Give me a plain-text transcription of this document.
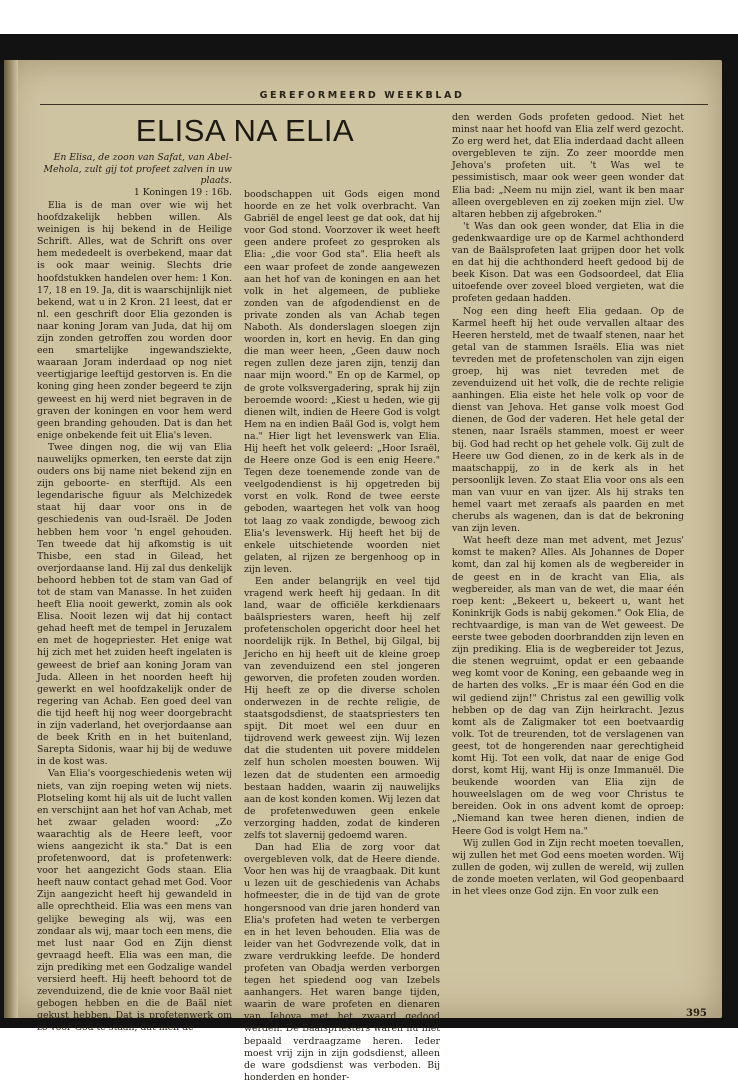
GEREFORMEERD WEEKBLAD
ELISA NA ELIA
En Elisa, de zoon van Safat, van Abel-Mehola, zult gij tot profeet zalven in uw plaats.
1 Koningen 19 : 16b.

Elia is de man over wie wij het hoofdzakelijk hebben willen. Als weinigen is hij bekend in de Heilige Schrift. Alles, wat de Schrift ons over hem mededeelt is overbekend, maar dat is ook maar weinig. Slechts drie hoofdstukken handelen over hem: 1 Kon. 17, 18 en 19. Ja, dit is waarschijnlijk niet bekend, wat u in 2 Kron. 21 leest, dat er nl. een geschrift door Elia gezonden is naar koning Joram van Juda, dat hij om zijn zonden getroffen zou worden door een smartelijke ingewandsziekte, waaraan Joram inderdaad op nog niet veertigjarige leeftijd gestorven is. En die koning ging heen zonder begeerd te zijn geweest en hij werd niet begraven in de graven der koningen en voor hem werd geen branding gehouden. Dat is dan het enige onbekende feit uit Elia's leven.

Twee dingen nog, die wij van Elia nauwelijks opmerken, ten eerste dat zijn ouders ons bij name niet bekend zijn en zijn geboorte- en sterftijd. Als een legendarische figuur als Melchizedek staat hij daar voor ons in de geschiedenis van oud-Israël. De Joden hebben hem voor 'n engel gehouden. Ten tweede dat hij afkomstig is uit Thisbe, een stad in Gilead, het overjordaanse land. Hij zal dus denkelijk behoord hebben tot de stam van Gad of tot de stam van Manasse. In het zuiden heeft Elia nooit gewerkt, zomin als ook Elisa. Nooit lezen wij dat hij contact gehad heeft met de tempel in Jeruzalem en met de hogepriester. Het enige wat hij zich met het zuiden heeft ingelaten is geweest de brief aan koning Joram van Juda. Alleen in het noorden heeft hij gewerkt en wel hoofdzakelijk onder de regering van Achab. Een goed deel van die tijd heeft hij nog weer doorgebracht in zijn vaderland, het overjordaanse aan de beek Krith en in het buitenland, Sarepta Sidonis, waar hij bij de weduwe in de kost was.

Van Elia's voorgeschiedenis weten wij niets, van zijn roeping weten wij niets. Plotseling komt hij als uit de lucht vallen en verschijnt aan het hof van Achab, met het zwaar geladen woord: „Zo waarachtig als de Heere leeft, voor wiens aangezicht ik sta." Dat is een profetenwoord, dat is profetenwerk: voor het aangezicht Gods staan. Elia heeft nauw contact gehad met God. Voor Zijn aangezicht heeft hij gewandeld in alle oprechtheid. Elia was een mens van gelijke beweging als wij, was een zondaar als wij, maar toch een mens, die met lust naar God en Zijn dienst gevraagd heeft. Elia was een man, die zijn prediking met een Godzalige wandel versierd heeft. Hij heeft behoord tot de zevenduizend, die de knie voor Baäl niet gebogen hebben en die de Baäl niet gekust hebben. Dat is profetenwerk om zo voor God te staan, dat men de

boodschappen uit Gods eigen mond hoorde en ze het volk overbracht. Van Gabriël de engel leest ge dat ook, dat hij voor God stond. Voorzover ik weet heeft geen andere profeet zo gesproken als Elia: „die voor God sta". Elia heeft als een waar profeet de zonde aangewezen aan het hof van de koningen en aan het volk in het algemeen, de publieke zonden van de afgodendienst en de private zonden als van Achab tegen Naboth. Als donderslagen sloegen zijn woorden in, kort en hevig. En dan ging die man weer heen, „Geen dauw noch regen zullen deze jaren zijn, tenzij dan naar mijn woord." En op de Karmel, op de grote volksvergadering, sprak hij zijn beroemde woord: „Kiest u heden, wie gij dienen wilt, indien de Heere God is volgt Hem na en indien Baäl God is, volgt hem na." Hier ligt het levenswerk van Elia. Hij heeft het volk geleerd: „Hoor Israël, de Heere onze God is een enig Heere." Tegen deze toenemende zonde van de veelgodendienst is hij opgetreden bij vorst en volk. Rond de twee eerste geboden, waartegen het volk van hoog tot laag zo vaak zondigde, bewoog zich Elia's levenswerk. Hij heeft het bij de enkele uitschietende woorden niet gelaten, al rijzen ze bergenhoog op in zijn leven.

Een ander belangrijk en veel tijd vragend werk heeft hij gedaan. In dit land, waar de officiële kerkdienaars baälspriesters waren, heeft hij zelf profetenscholen opgericht door heel het noordelijk rijk. In Bethel, bij Gilgal, bij Jericho en hij heeft uit de kleine groep van zevenduizend een stel jongeren geworven, die profeten zouden worden. Hij heeft ze op die diverse scholen onderwezen in de rechte religie, de staatsgodsdienst, de staatspriesters ten spijt. Dit moet wel een duur en tijdrovend werk geweest zijn. Wij lezen dat die studenten uit povere middelen zelf hun scholen moesten bouwen. Wij lezen dat de studenten een armoedig bestaan hadden, waarin zij nauwelijks aan de kost konden komen. Wij lezen dat de profetenweduwen geen enkele verzorging hadden, zodat de kinderen zelfs tot slavernij gedoemd waren.

Dan had Elia de zorg voor dat overgebleven volk, dat de Heere diende. Voor hen was hij de vraagbaak. Dit kunt u lezen uit de geschiedenis van Achabs hofmeester, die in de tijd van de grote hongersnood van drie jaren honderd van Elia's profeten had weten te verbergen en in het leven behouden. Elia was de leider van het Godvrezende volk, dat in zware verdrukking leefde. De honderd profeten van Obadja werden verborgen tegen het spiedend oog van Izebels aanhangers. Het waren bange tijden, waarin de ware profeten en dienaren van Jehova met het zwaard gedood werden. De Baälspriesters waren nu niet bepaald verdraagzame heren. Ieder moest vrij zijn in zijn godsdienst, alleen de ware godsdienst was verboden. Bij honderden en honder-

den werden Gods profeten gedood. Niet het minst naar het hoofd van Elia zelf werd gezocht. Zo erg werd het, dat Elia inderdaad dacht alleen overgebleven te zijn. Zo zeer moordde men Jehova's profeten uit. 't Was wel te pessimistisch, maar ook weer geen wonder dat Elia bad: „Neem nu mijn ziel, want ik ben maar alleen overgebleven en zij zoeken mijn ziel. Uw altaren hebben zij afgebroken."

't Was dan ook geen wonder, dat Elia in die gedenkwaardige ure op de Karmel achthonderd van de Baälsprofeten laat grijpen door het volk en dat hij die achthonderd heeft gedood bij de beek Kison. Dat was een Godsoordeel, dat Elia uitoefende over zoveel bloed vergieten, wat die profeten gedaan hadden.

Nog een ding heeft Elia gedaan. Op de Karmel heeft hij het oude vervallen altaar des Heeren hersteld, met de twaalf stenen, naar het getal van de stammen Israëls. Elia was niet tevreden met de profetenscholen van zijn eigen groep, hij was niet tevreden met de zevenduizend uit het volk, die de rechte religie aanhingen. Elia eiste het hele volk op voor de dienst van Jehova. Het ganse volk moest God dienen, de God der vaderen. Het hele getal der stenen, naar Israëls stammen, moest er weer bij. God had recht op het gehele volk. Gij zult de Heere uw God dienen, zo in de kerk als in de maatschappij, zo in de kerk als in het persoonlijk leven. Zo staat Elia voor ons als een man van vuur en van ijzer. Als hij straks ten hemel vaart met zeraafs als paarden en met cherubs als wagenen, dan is dat de bekroning van zijn leven.

Wat heeft deze man met advent, met Jezus' komst te maken? Alles. Als Johannes de Doper komt, dan zal hij komen als de wegbereider in de geest en in de kracht van Elia, als wegbereider, als man van de wet, die maar één roep kent: „Bekeert u, bekeert u, want het Koninkrijk Gods is nabij gekomen." Ook Elia, de rechtvaardige, is man van de Wet geweest. De eerste twee geboden doorbrandden zijn leven en zijn prediking. Elia is de wegbereider tot Jezus, die stenen wegruimt, opdat er een gebaande weg komt voor de Koning, een gebaande weg in de harten des volks. „Er is maar één God en die wil gediend zijn!" Christus zal een gewillig volk hebben op de dag van Zijn heirkracht. Jezus komt als de Zaligmaker tot een boetvaardig volk. Tot de treurenden, tot de verslagenen van geest, tot de hongerenden naar gerechtigheid komt Hij. Tot een volk, dat naar de enige God dorst, komt Hij, want Hij is onze Immanuël. Die beukende woorden van Elia zijn de houweelslagen om de weg voor Christus te bereiden. Ook in ons advent komt de oproep: „Niemand kan twee heren dienen, indien de Heere God is volgt Hem na."

Wij zullen God in Zijn recht moeten toevallen, wij zullen het met God eens moeten worden. Wij zullen de goden, wij zullen de wereld, wij zullen de zonde moeten verlaten, wil God geopenbaard in het vlees onze God zijn. En voor zulk een

395
